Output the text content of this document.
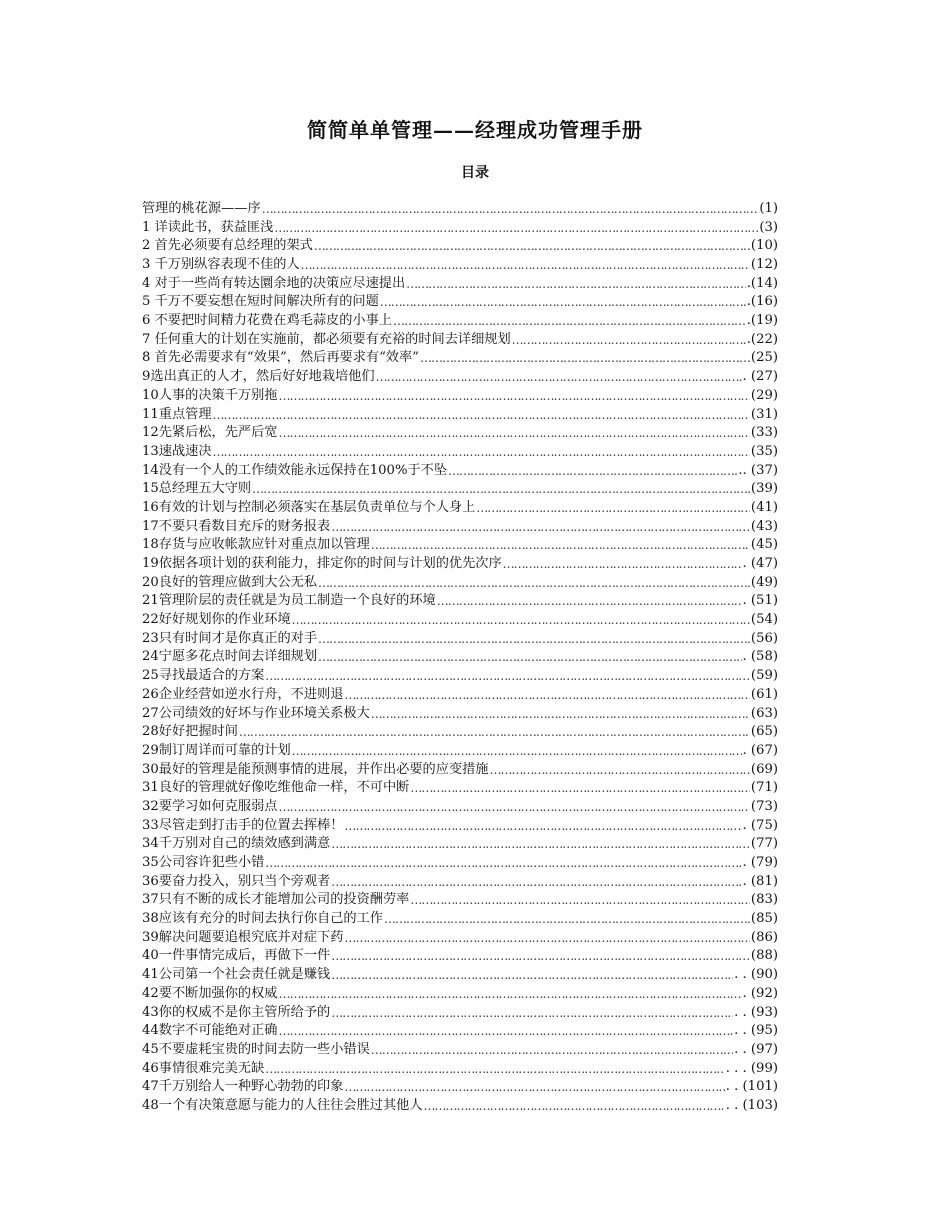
简简单单管理——经理成功管理手册
目录
管理的桃花源——序 ……………………………………………………………………………………………………………………………………………………………………………………………………………………………………	(1)
1 详读此书，获益匪浅 ……………………………………………………………………………………………………………………………………………………………………………………………………………………………………	(3)
2 首先必须要有总经理的架式 ……………………………………………………………………………………………………………………………………………………………………………………………………………………………………	(10)
3 千万别纵容表现不佳的人 ……………………………………………………………………………………………………………………………………………………………………………………………………………………………………	(12)
4 对于一些尚有转达圜余地的决策应尽速提出 ……………………………………………………………………………………………………………………………………………………………………………………………………………………………………	.(14)
5 千万不要妄想在短时间解决所有的问题 ……………………………………………………………………………………………………………………………………………………………………………………………………………………………………	.(16)
6 不要把时间精力花费在鸡毛蒜皮的小事上 ……………………………………………………………………………………………………………………………………………………………………………………………………………………………………	.(19)
7 任何重大的计划在实施前，都必须要有充裕的时间去详细规划 ……………………………………………………………………………………………………………………………………………………………………………………………………………………………………	.(22)
8 首先必需要求有“效果”，然后再要求有“效率” ……………………………………………………………………………………………………………………………………………………………………………………………………………………………………	(25)
9选出真正的人才，然后好好地栽培他们 ……………………………………………………………………………………………………………………………………………………………………………………………………………………………………	. (27)
10人事的决策千万别拖 ……………………………………………………………………………………………………………………………………………………………………………………………………………………………………	(29)
11重点管理 ……………………………………………………………………………………………………………………………………………………………………………………………………………………………………	(31)
12先紧后松，先严后宽 ……………………………………………………………………………………………………………………………………………………………………………………………………………………………………	(33)
13速战速决 ……………………………………………………………………………………………………………………………………………………………………………………………………………………………………	(35)
14没有一个人的工作绩效能永远保持在100%于不坠 ……………………………………………………………………………………………………………………………………………………………………………………………………………………………………	.. (37)
15总经理五大守则 ……………………………………………………………………………………………………………………………………………………………………………………………………………………………………	(39)
16有效的计划与控制必须落实在基层负责单位与个人身上 ……………………………………………………………………………………………………………………………………………………………………………………………………………………………………	(41)
17不要只看数目充斥的财务报表 ……………………………………………………………………………………………………………………………………………………………………………………………………………………………………	(43)
18存货与应收帐款应针对重点加以管理 ……………………………………………………………………………………………………………………………………………………………………………………………………………………………………	(45)
19依据各项计划的获利能力，排定你的时间与计划的优先次序 ……………………………………………………………………………………………………………………………………………………………………………………………………………………………………	. (47)
20良好的管理应做到大公无私 ……………………………………………………………………………………………………………………………………………………………………………………………………………………………………	(49)
21管理阶层的责任就是为员工制造一个良好的环境 ……………………………………………………………………………………………………………………………………………………………………………………………………………………………………	. (51)
22好好规划你的作业环境 ……………………………………………………………………………………………………………………………………………………………………………………………………………………………………	(54)
23只有时间才是你真正的对手 ……………………………………………………………………………………………………………………………………………………………………………………………………………………………………	(56)
24宁愿多花点时间去详细规划 ……………………………………………………………………………………………………………………………………………………………………………………………………………………………………	. (58)
25寻找最适合的方案 ……………………………………………………………………………………………………………………………………………………………………………………………………………………………………	(59)
26企业经营如逆水行舟，不进则退 ……………………………………………………………………………………………………………………………………………………………………………………………………………………………………	(61)
27公司绩效的好坏与作业环境关系极大 ……………………………………………………………………………………………………………………………………………………………………………………………………………………………………	(63)
28好好把握时间 ……………………………………………………………………………………………………………………………………………………………………………………………………………………………………	(65)
29制订周详而可靠的计划 ……………………………………………………………………………………………………………………………………………………………………………………………………………………………………	. (67)
30最好的管理是能预测事情的进展，并作出必要的应变措施 ……………………………………………………………………………………………………………………………………………………………………………………………………………………………………	(69)
31良好的管理就好像吃维他命一样，不可中断 ……………………………………………………………………………………………………………………………………………………………………………………………………………………………………	(71)
32要学习如何克服弱点 ……………………………………………………………………………………………………………………………………………………………………………………………………………………………………	(73)
33尽管走到打击手的位置去挥棒！ ……………………………………………………………………………………………………………………………………………………………………………………………………………………………………	. (75)
34千万别对自己的绩效感到满意 ……………………………………………………………………………………………………………………………………………………………………………………………………………………………………	(77)
35公司容许犯些小错 ……………………………………………………………………………………………………………………………………………………………………………………………………………………………………	. (79)
36要奋力投入，别只当个旁观者 ……………………………………………………………………………………………………………………………………………………………………………………………………………………………………	. (81)
37只有不断的成长才能增加公司的投资酬劳率 ……………………………………………………………………………………………………………………………………………………………………………………………………………………………………	(83)
38应该有充分的时间去执行你自己的工作 ……………………………………………………………………………………………………………………………………………………………………………………………………………………………………	(85)
39解决问题要追根究底并对症下药 ……………………………………………………………………………………………………………………………………………………………………………………………………………………………………	(86)
40一件事情完成后，再做下一件 ……………………………………………………………………………………………………………………………………………………………………………………………………………………………………	(88)
41公司第一个社会责任就是赚钱 ……………………………………………………………………………………………………………………………………………………………………………………………………………………………………	. . (90)
42要不断加强你的权威 ……………………………………………………………………………………………………………………………………………………………………………………………………………………………………	. (92)
43你的权威不是你主管所给予的 ……………………………………………………………………………………………………………………………………………………………………………………………………………………………………	. . (93)
44数字不可能绝对正确 ……………………………………………………………………………………………………………………………………………………………………………………………………………………………………	. . (95)
45不要虚耗宝贵的时间去防一些小错误 ……………………………………………………………………………………………………………………………………………………………………………………………………………………………………	. . (97)
46事情很难完美无缺 ……………………………………………………………………………………………………………………………………………………………………………………………………………………………………	. . . (99)
47千万别给人一种野心勃勃的印象 ……………………………………………………………………………………………………………………………………………………………………………………………………………………………………	. . (101)
48一个有决策意愿与能力的人往往会胜过其他人 ……………………………………………………………………………………………………………………………………………………………………………………………………………………………………	. . (103)
